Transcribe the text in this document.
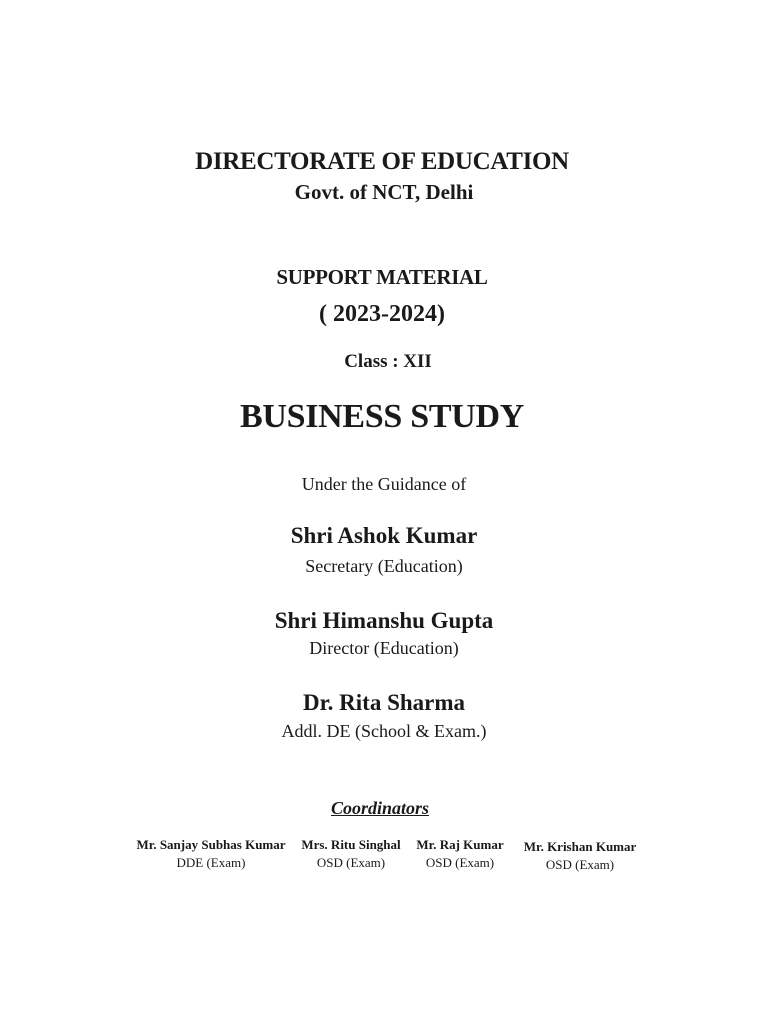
DIRECTORATE OF EDUCATION
Govt. of NCT, Delhi
SUPPORT MATERIAL
( 2023-2024)
Class : XII
BUSINESS STUDY
Under the Guidance of
Shri Ashok Kumar
Secretary (Education)
Shri Himanshu Gupta
Director (Education)
Dr. Rita Sharma
Addl. DE (School & Exam.)
Coordinators
Mr. Sanjay Subhas Kumar
DDE (Exam)
Mrs. Ritu Singhal
OSD (Exam)
Mr. Raj Kumar
OSD (Exam)
Mr. Krishan Kumar
OSD (Exam)
